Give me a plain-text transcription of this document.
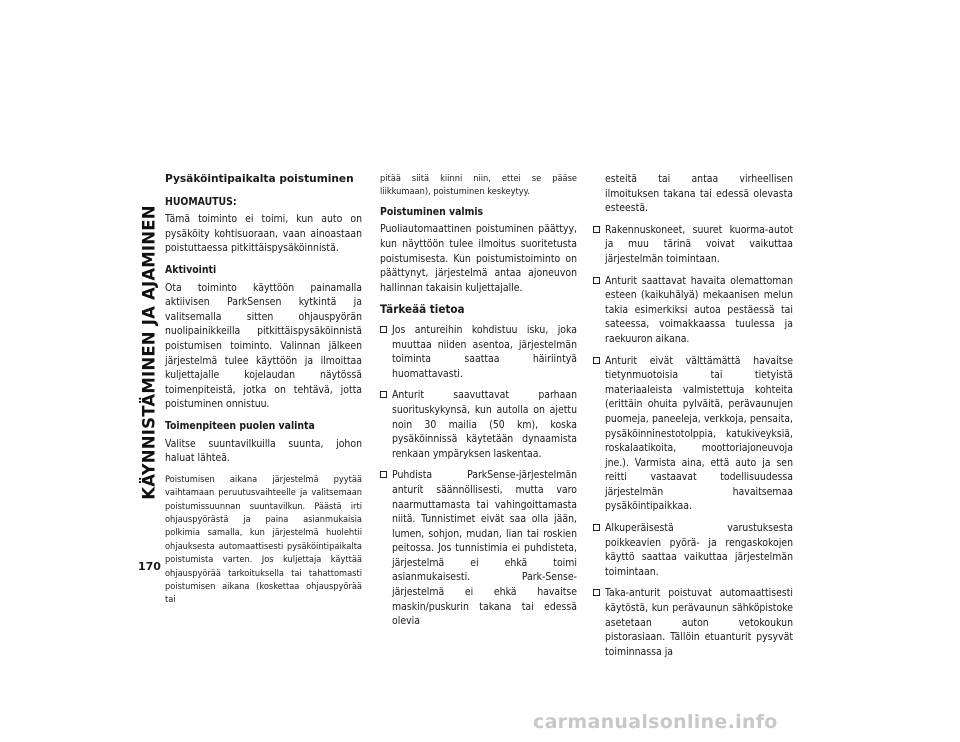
KÄYNNISTÄMINEN JA AJAMINEN
170
Pysäköintipaikalta poistuminen
HUOMAUTUS:

Tämä toiminto ei toimi, kun auto on pysäköity kohtisuoraan, vaan ainoastaan poistuttaessa pitkittäispysäköinnistä.

Aktivointi

Ota toiminto käyttöön painamalla aktiivisen ParkSensen kytkintä ja valitsemalla sitten ohjauspyörän nuolipainikkeilla pitkittäispysäköinnistä poistumisen toiminto. Valinnan jälkeen järjestelmä tulee käyttöön ja ilmoittaa kuljettajalle kojelaudan näytössä toimenpiteistä, jotka on tehtävä, jotta poistuminen onnistuu.

Toimenpiteen puolen valinta

Valitse suuntavilkuilla suunta, johon haluat lähteä.

Poistumisen aikana järjestelmä pyytää vaihtamaan peruutusvaihteelle ja valitsemaan poistumissuunnan suuntavilkun. Päästä irti ohjauspyörästä ja paina asianmukaisia polkimia samalla, kun järjestelmä huolehtii ohjauksesta automaattisesti pysäköintipaikalta poistumista varten. Jos kuljettaja käyttää ohjauspyörää tarkoituksella tai tahattomasti poistumisen aikana (koskettaa ohjauspyörää tai

pitää siitä kiinni niin, ettei se pääse liikkumaan), poistuminen keskeytyy.

Poistuminen valmis

Puoliautomaattinen poistuminen päättyy, kun näyttöön tulee ilmoitus suoritetusta poistumisesta. Kun poistumistoiminto on päättynyt, järjestelmä antaa ajoneuvon hallinnan takaisin kuljettajalle.

Tärkeää tietoa
Jos antureihin kohdistuu isku, joka muuttaa niiden asentoa, järjestelmän toiminta saattaa häiriintyä huomattavasti.
Anturit saavuttavat parhaan suorituskykynsä, kun autolla on ajettu noin 30 mailia (50 km), koska pysäköinnissä käytetään dynaamista renkaan ympäryksen laskentaa.
Puhdista ParkSense-järjestelmän anturit säännöllisesti, mutta varo naarmuttamasta tai vahingoittamasta niitä. Tunnistimet eivät saa olla jään, lumen, sohjon, mudan, lian tai roskien peitossa. Jos tunnistimia ei puhdisteta, järjestelmä ei ehkä toimi asianmukaisesti. Park-Sense-järjestelmä ei ehkä havaitse maskin/puskurin takana tai edessä olevia
esteitä tai antaa virheellisen ilmoituksen takana tai edessä olevasta esteestä.
Rakennuskoneet, suuret kuorma-autot ja muu tärinä voivat vaikuttaa järjestelmän toimintaan.
Anturit saattavat havaita olemattoman esteen (kaikuhälyä) mekaanisen melun takia esimerkiksi autoa pestäessä tai sateessa, voimakkaassa tuulessa ja raekuuron aikana.
Anturit eivät välttämättä havaitse tietynmuotoisia tai tietyistä materiaaleista valmistettuja kohteita (erittäin ohuita pylväitä, perävaunujen puomeja, paneeleja, verkkoja, pensaita, pysäköinninestotolppia, katukiveyksiä, roskalaatikoita, moottoriajoneuvoja jne.). Varmista aina, että auto ja sen reitti vastaavat todellisuudessa järjestelmän havaitsemaa pysäköintipaikkaa.
Alkuperäisestä varustuksesta poikkeavien pyörä- ja rengaskokojen käyttö saattaa vaikuttaa järjestelmän toimintaan.
Taka-anturit poistuvat automaattisesti käytöstä, kun perävaunun sähköpistoke asetetaan auton vetokoukun pistorasiaan. Tällöin etuanturit pysyvät toiminnassa ja
carmanualsonline.info
